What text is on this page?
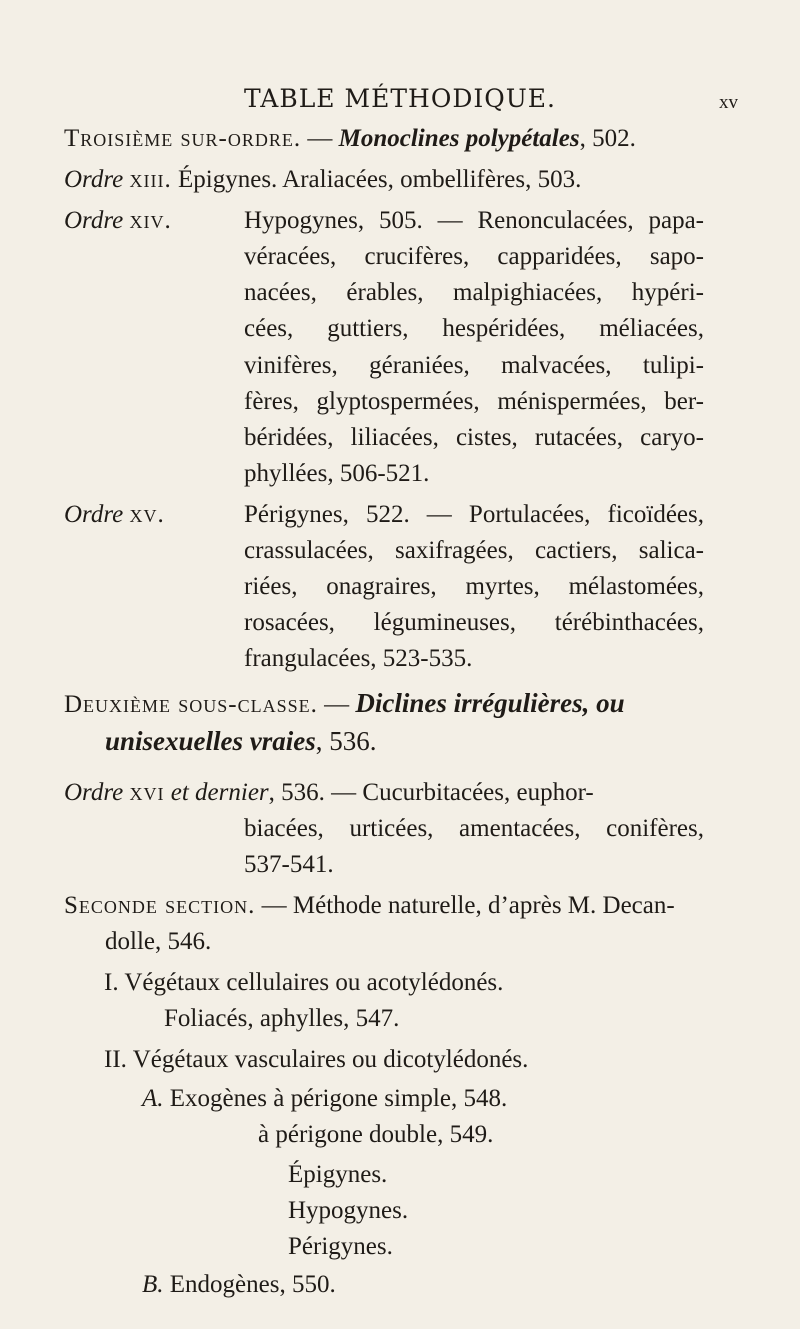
TABLE MÉTHODIQUE.	xv
Troisième sur-ordre. — Monoclines polypétales, 502.
Ordre xiii. Épigynes. Araliacées, ombellifères, 503.
Ordre xiv.	Hypogynes, 505. — Renonculacées, papa-
véracées, crucifères, capparidées, sapo-
nacées, érables, malpighiacées, hypéri-
cées, guttiers, hespéridées, méliacées,
vinifères, géraniées, malvacées, tulipi-
fères, glyptospermées, ménispermées, ber-
béridées, liliacées, cistes, rutacées, caryo-
phyllées, 506-521.
Ordre xv.	Périgynes, 522. — Portulacées, ficoïdées,
crassulacées, saxifragées, cactiers, salica-
riées, onagraires, myrtes, mélastomées,
rosacées, légumineuses, térébinthacées,
frangulacées, 523-535.
Deuxième sous-classe. — Diclines irrégulières, ou
unisexuelles vraies, 536.
Ordre xvi et dernier, 536. — Cucurbitacées, euphor-
biacées, urticées, amentacées, conifères,
537-541.
Seconde section. — Méthode naturelle, d’après M. Decan-
dolle, 546.
I. Végétaux cellulaires ou acotylédonés.
Foliacés, aphylles, 547.
II. Végétaux vasculaires ou dicotylédonés.
A. Exogènes à périgone simple, 548.
à périgone double, 549.
Épigynes.
Hypogynes.
Périgynes.
B. Endogènes, 550.
